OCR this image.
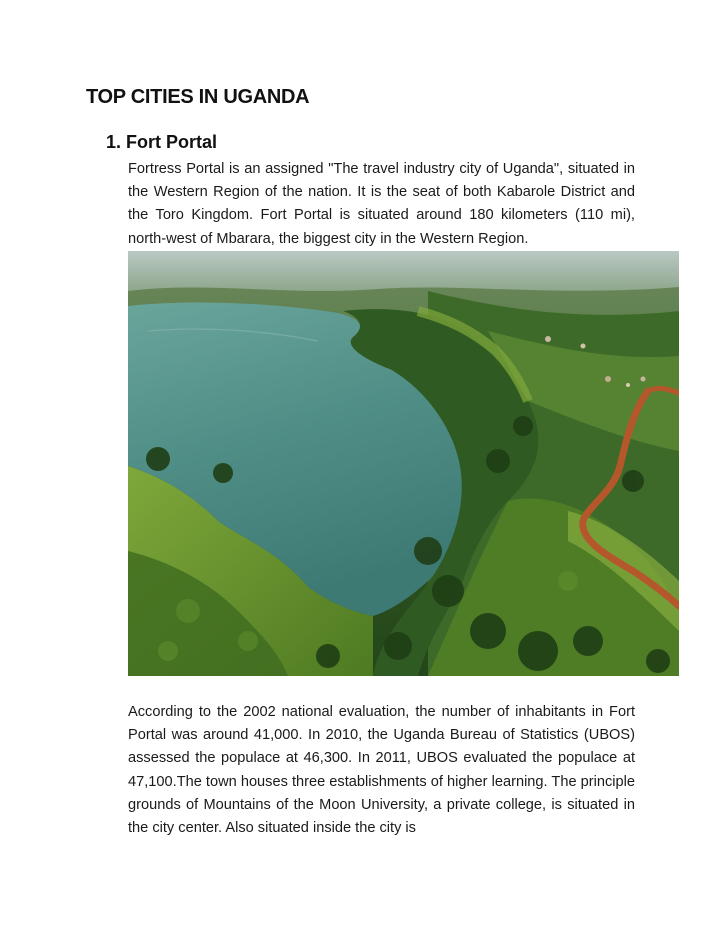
TOP CITIES IN UGANDA
1. Fort Portal

Fortress Portal is an assigned "The travel industry city of Uganda", situated in the Western Region of the nation. It is the seat of both Kabarole District and the Toro Kingdom. Fort Portal is situated around 180 kilometers (110 mi), north-west of Mbarara, the biggest city in the Western Region.

According to the 2002 national evaluation, the number of inhabitants in Fort Portal was around 41,000. In 2010, the Uganda Bureau of Statistics (UBOS) assessed the populace at 46,300. In 2011, UBOS evaluated the populace at 47,100.The town houses three establishments of higher learning. The principle grounds of Mountains of the Moon University, a private college, is situated in the city center. Also situated inside the city is
